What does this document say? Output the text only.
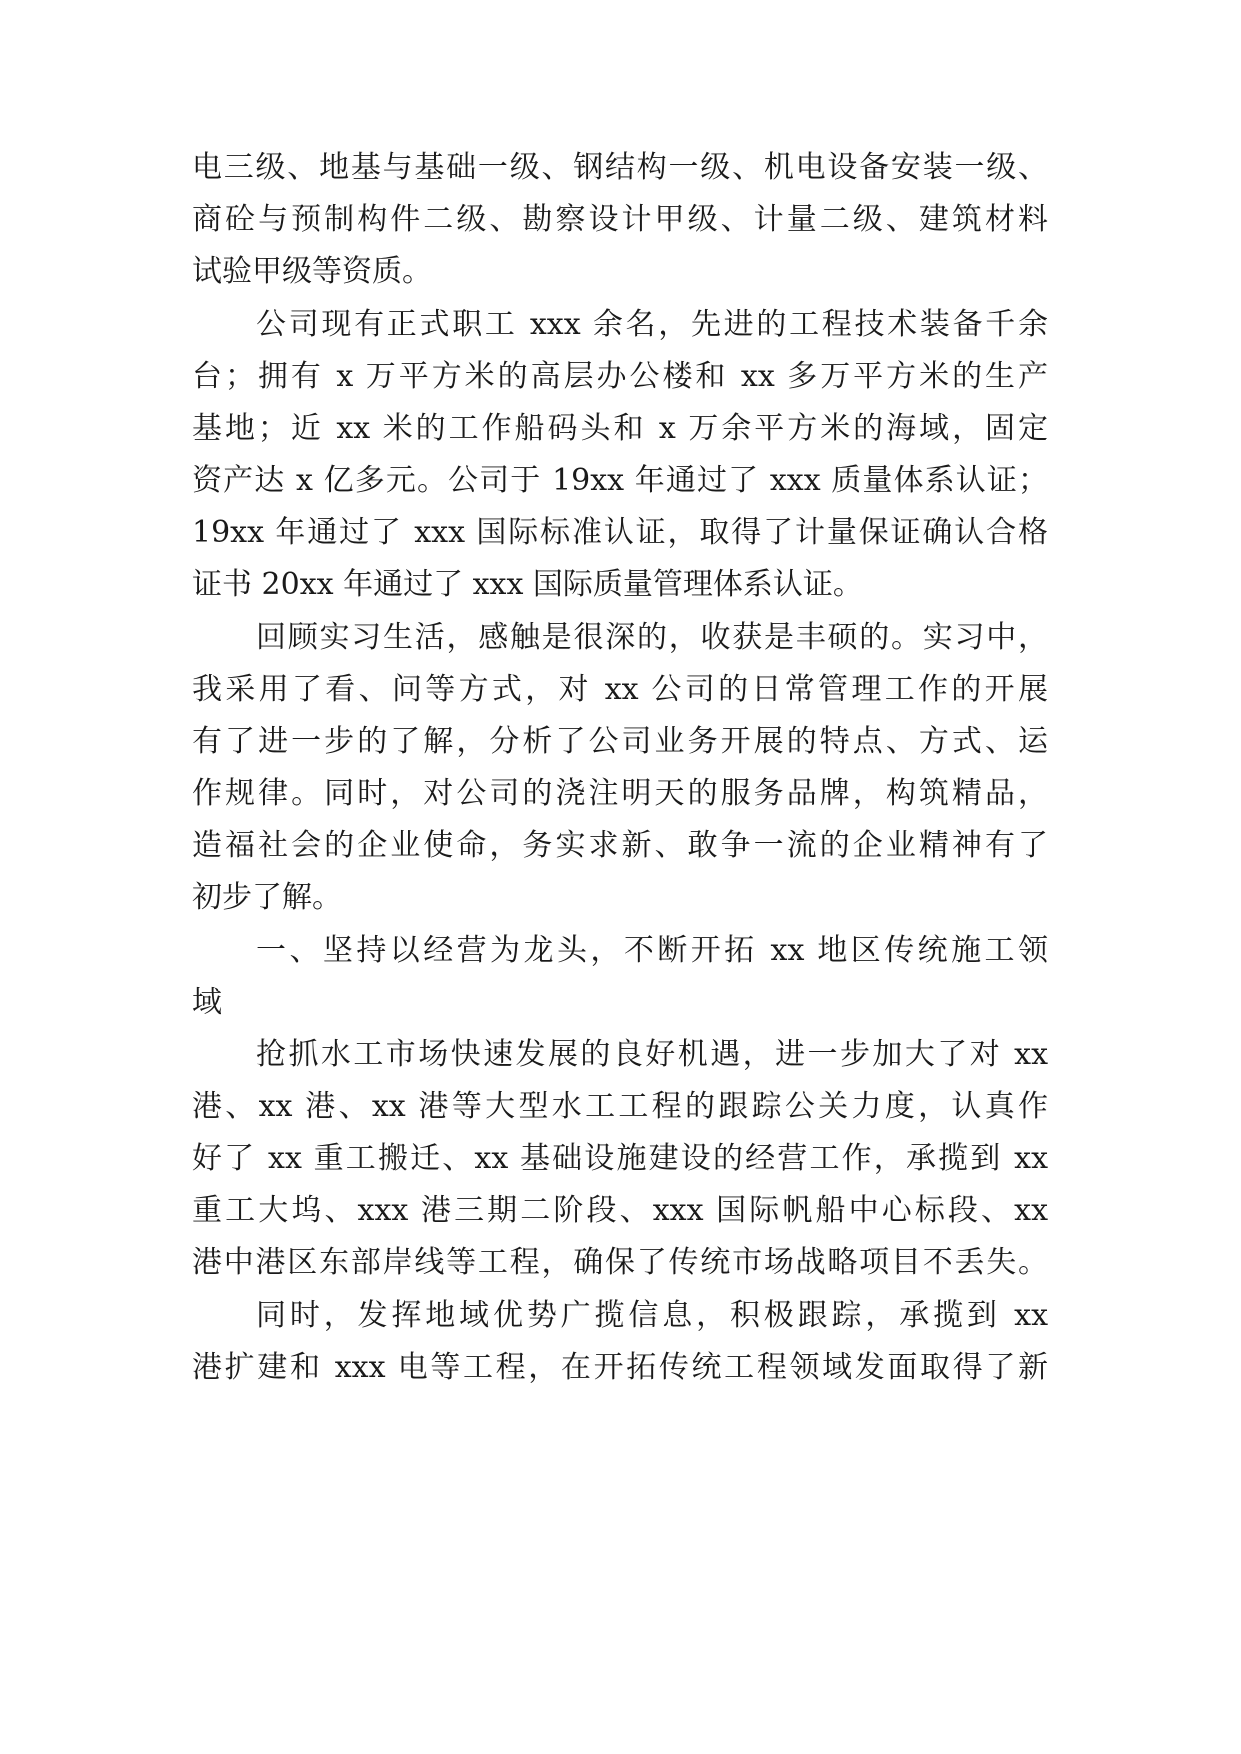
电三级、地基与基础一级、钢结构一级、机电设备安装一级、
商砼与预制构件二级、勘察设计甲级、计量二级、建筑材料
试验甲级等资质。
公司现有正式职工 xxx 余名，先进的工程技术装备千余
台；拥有 x 万平方米的高层办公楼和 xx 多万平方米的生产
基地；近 xx 米的工作船码头和 x 万余平方米的海域，固定
资产达 x 亿多元。公司于 19xx 年通过了 xxx 质量体系认证；
19xx 年通过了 xxx 国际标准认证，取得了计量保证确认合格
证书 20xx 年通过了 xxx 国际质量管理体系认证。
回顾实习生活，感触是很深的，收获是丰硕的。实习中，
我采用了看、问等方式，对 xx 公司的日常管理工作的开展
有了进一步的了解，分析了公司业务开展的特点、方式、运
作规律。同时，对公司的浇注明天的服务品牌，构筑精品，
造福社会的企业使命，务实求新、敢争一流的企业精神有了
初步了解。
一、坚持以经营为龙头，不断开拓 xx 地区传统施工领
域
抢抓水工市场快速发展的良好机遇，进一步加大了对 xx
港、xx 港、xx 港等大型水工工程的跟踪公关力度，认真作
好了 xx 重工搬迁、xx 基础设施建设的经营工作，承揽到 xx
重工大坞、xxx 港三期二阶段、xxx 国际帆船中心标段、xx
港中港区东部岸线等工程，确保了传统市场战略项目不丢失。
同时，发挥地域优势广揽信息，积极跟踪，承揽到 xx
港扩建和 xxx 电等工程，在开拓传统工程领域发面取得了新
